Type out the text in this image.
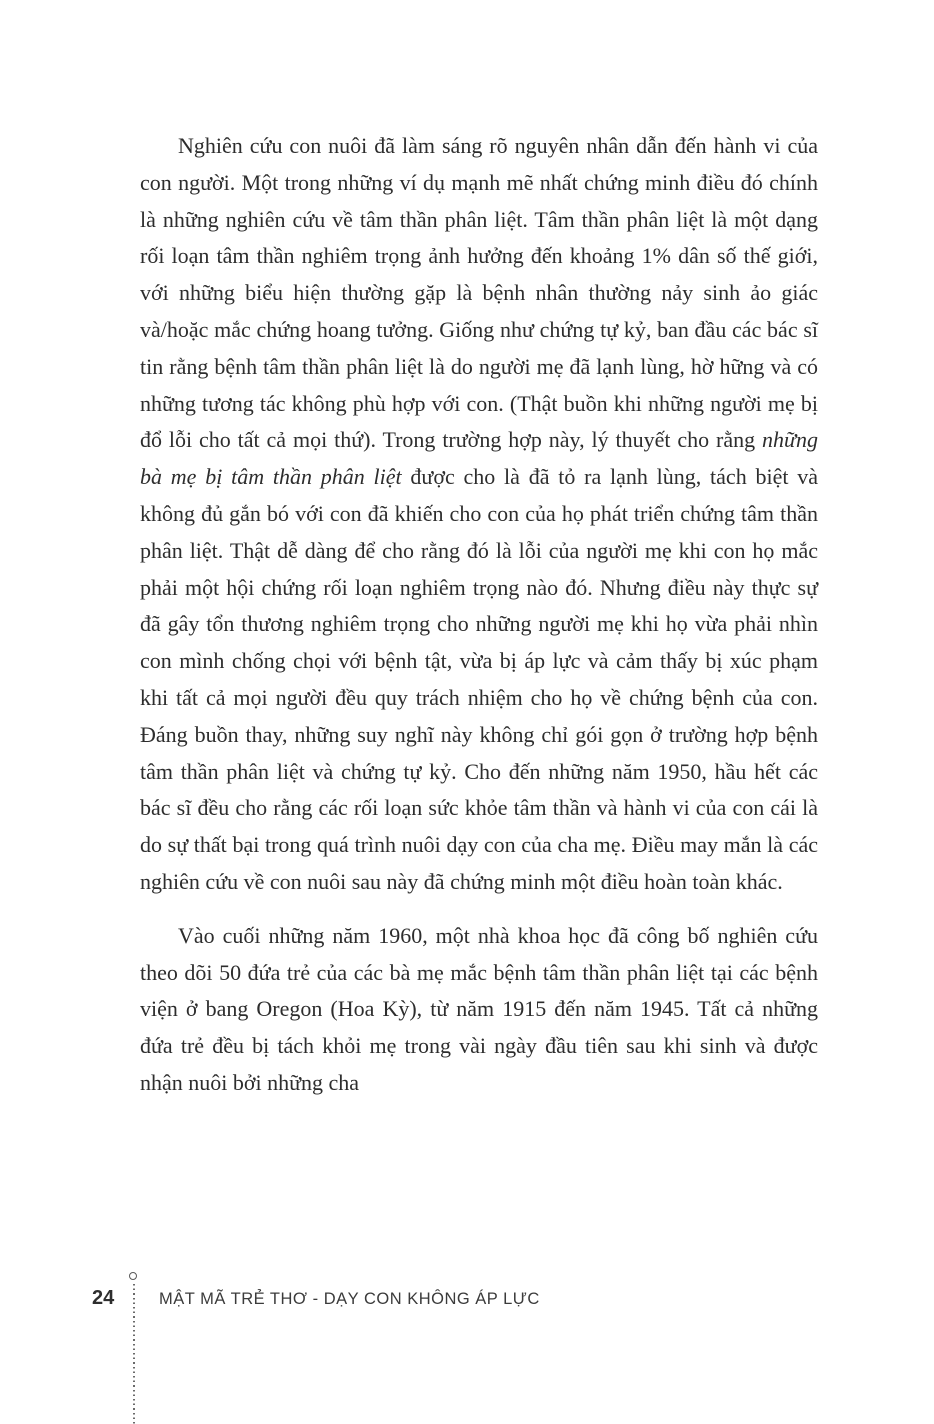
Nghiên cứu con nuôi đã làm sáng rõ nguyên nhân dẫn đến hành vi của con người. Một trong những ví dụ mạnh mẽ nhất chứng minh điều đó chính là những nghiên cứu về tâm thần phân liệt. Tâm thần phân liệt là một dạng rối loạn tâm thần nghiêm trọng ảnh hưởng đến khoảng 1% dân số thế giới, với những biểu hiện thường gặp là bệnh nhân thường nảy sinh ảo giác và/hoặc mắc chứng hoang tưởng. Giống như chứng tự kỷ, ban đầu các bác sĩ tin rằng bệnh tâm thần phân liệt là do người mẹ đã lạnh lùng, hờ hững và có những tương tác không phù hợp với con. (Thật buồn khi những người mẹ bị đổ lỗi cho tất cả mọi thứ). Trong trường hợp này, lý thuyết cho rằng những bà mẹ bị tâm thần phân liệt được cho là đã tỏ ra lạnh lùng, tách biệt và không đủ gắn bó với con đã khiến cho con của họ phát triển chứng tâm thần phân liệt. Thật dễ dàng để cho rằng đó là lỗi của người mẹ khi con họ mắc phải một hội chứng rối loạn nghiêm trọng nào đó. Nhưng điều này thực sự đã gây tổn thương nghiêm trọng cho những người mẹ khi họ vừa phải nhìn con mình chống chọi với bệnh tật, vừa bị áp lực và cảm thấy bị xúc phạm khi tất cả mọi người đều quy trách nhiệm cho họ về chứng bệnh của con. Đáng buồn thay, những suy nghĩ này không chỉ gói gọn ở trường hợp bệnh tâm thần phân liệt và chứng tự kỷ. Cho đến những năm 1950, hầu hết các bác sĩ đều cho rằng các rối loạn sức khỏe tâm thần và hành vi của con cái là do sự thất bại trong quá trình nuôi dạy con của cha mẹ. Điều may mắn là các nghiên cứu về con nuôi sau này đã chứng minh một điều hoàn toàn khác.

Vào cuối những năm 1960, một nhà khoa học đã công bố nghiên cứu theo dõi 50 đứa trẻ của các bà mẹ mắc bệnh tâm thần phân liệt tại các bệnh viện ở bang Oregon (Hoa Kỳ), từ năm 1915 đến năm 1945. Tất cả những đứa trẻ đều bị tách khỏi mẹ trong vài ngày đầu tiên sau khi sinh và được nhận nuôi bởi những cha

24	MẬT MÃ TRẺ THƠ - DẠY CON KHÔNG ÁP LỰC
